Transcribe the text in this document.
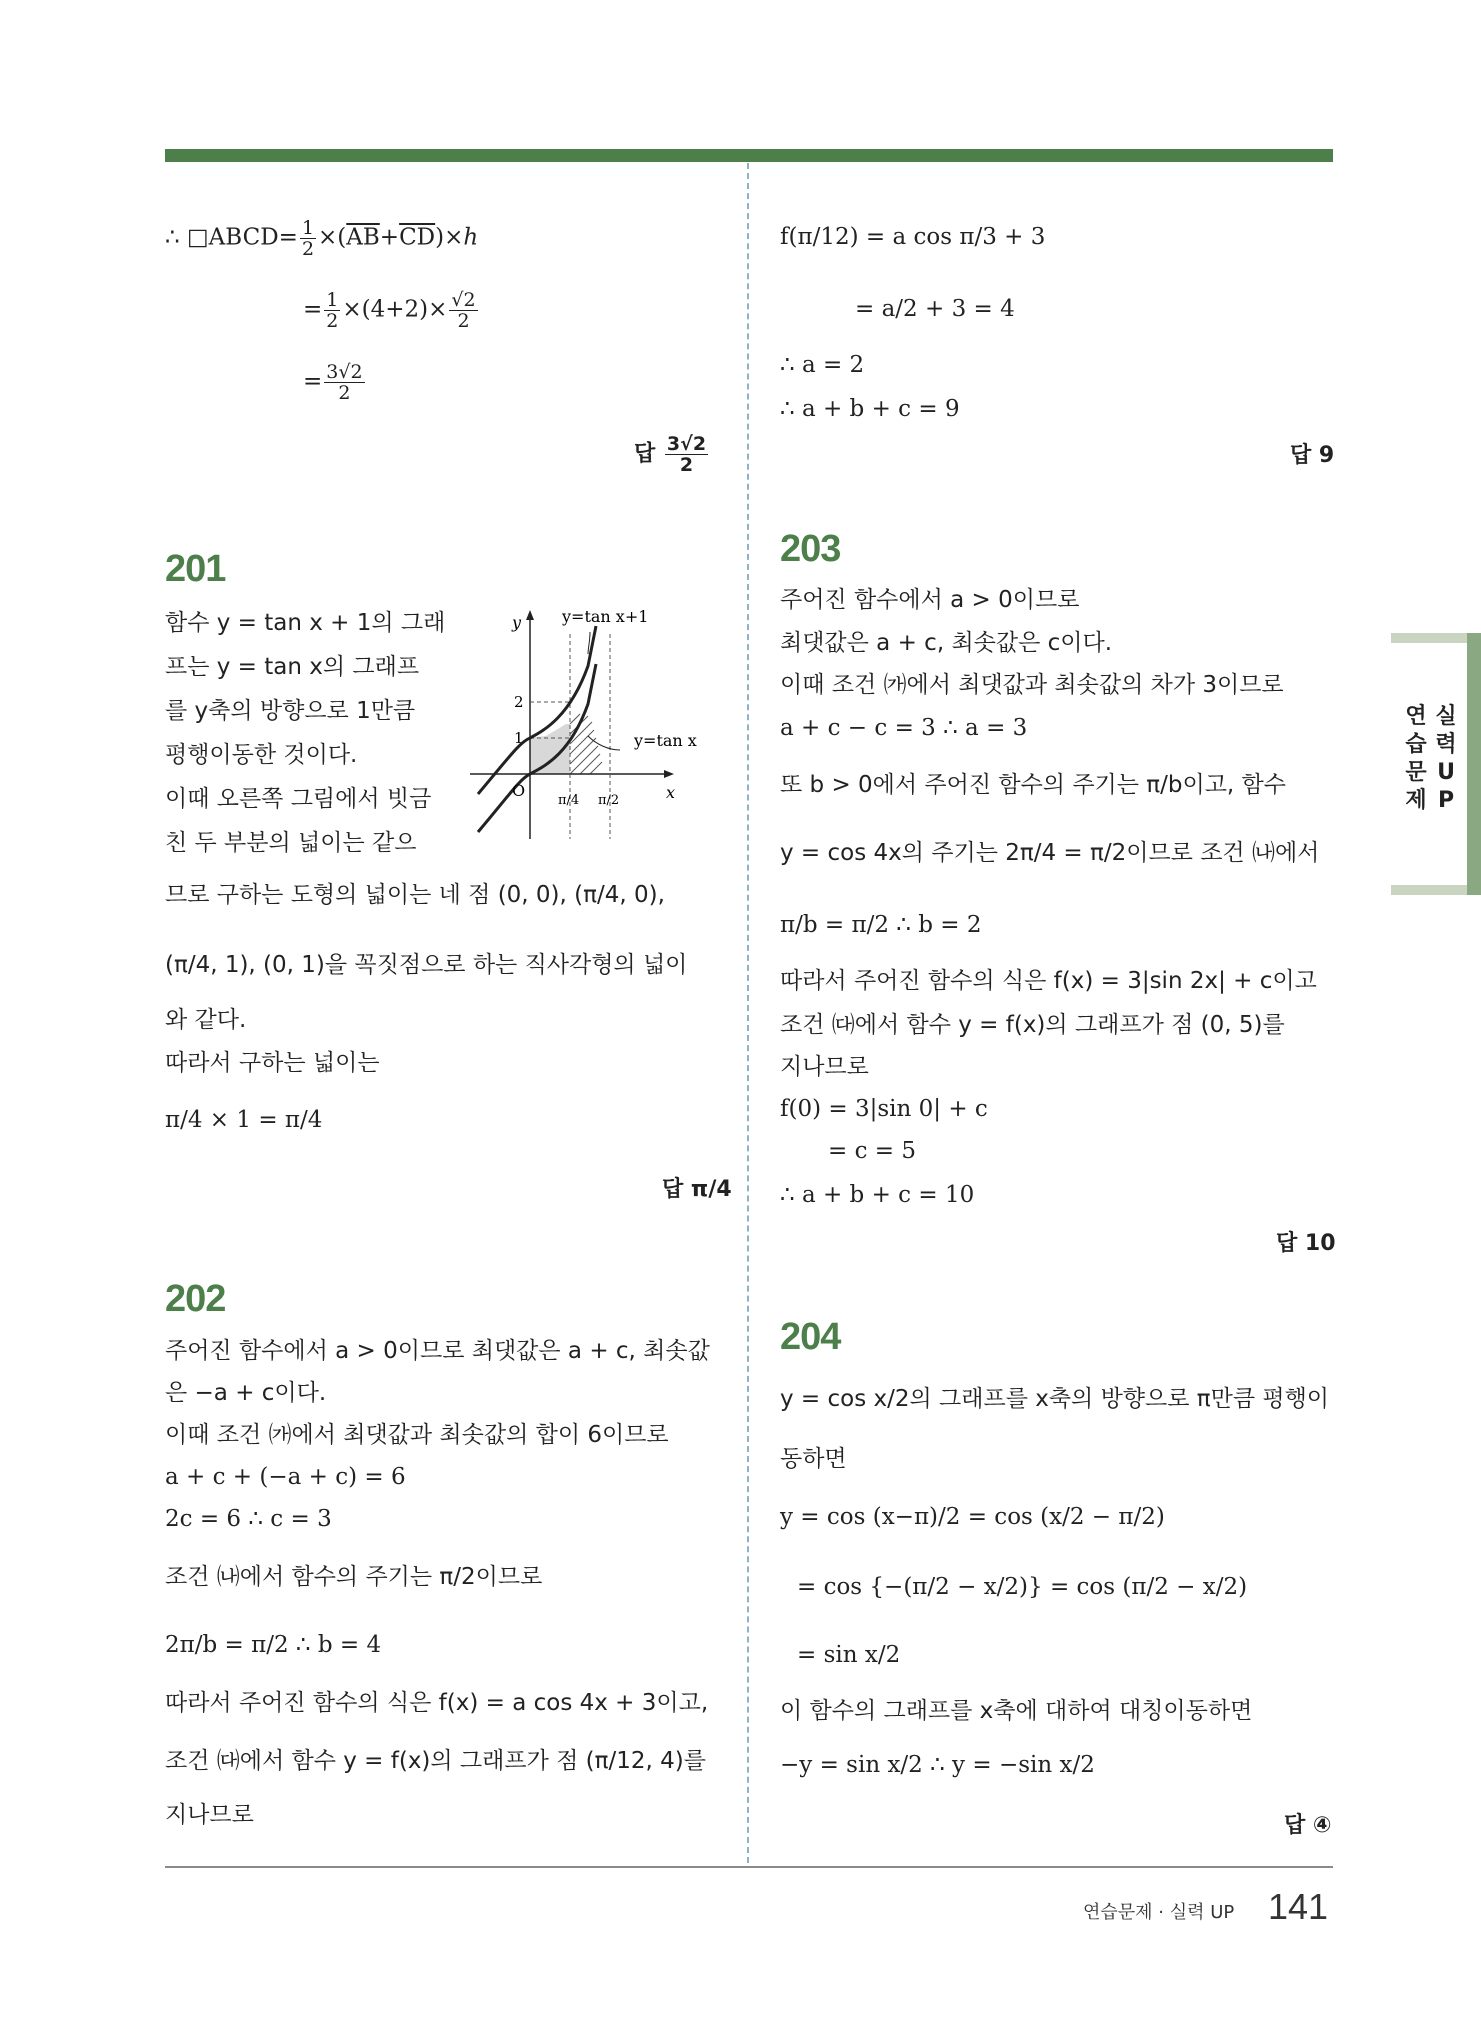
∴ □ABCD= $\frac{1}{2} \times(\overline{AB}+\overline{CD})\times h$
= $\frac{1}{2} \times(4+2)\times \frac{√2}{2}$
= $\frac{3√2}{2}$
답 $\frac{3√2}{2}$
201
함수 y = tan x + 1의 그래
프는 y = tan x의 그래프
를 y축의 방향으로 1만큼
평행이동한 것이다.
이때 오른쪽 그림에서 빗금
친 두 부분의 넓이는 같으
y
x
O
1
2
π/4 π/2
y=tan x+1
y=tan x
므로 구하는 도형의 넓이는 네 점 (0, 0), (π/4, 0),
(π/4, 1), (0, 1)을 꼭짓점으로 하는 직사각형의 넓이
와 같다.
따라서 구하는 넓이는
π/4 × 1 = π/4
답 π/4
202
주어진 함수에서 a > 0이므로 최댓값은 a + c, 최솟값
은 −a + c이다.
이때 조건 ㈎에서 최댓값과 최솟값의 합이 6이므로
a + c + (−a + c) = 6
2c = 6 ∴ c = 3
조건 ㈏에서 함수의 주기는 π/2이므로
2π/b = π/2 ∴ b = 4
따라서 주어진 함수의 식은 f(x) = a cos 4x + 3이고,
조건 ㈐에서 함수 y = f(x)의 그래프가 점 (π/12, 4)를
지나므로
f(π/12) = a cos π/3 + 3
= a/2 + 3 = 4
∴ a = 2
∴ a + b + c = 9
답 9
203
주어진 함수에서 a > 0이므로
최댓값은 a + c, 최솟값은 c이다.
이때 조건 ㈎에서 최댓값과 최솟값의 차가 3이므로
a + c − c = 3 ∴ a = 3
또 b > 0에서 주어진 함수의 주기는 π/b이고, 함수
y = cos 4x의 주기는 2π/4 = π/2이므로 조건 ㈏에서
π/b = π/2 ∴ b = 2
따라서 주어진 함수의 식은 f(x) = 3|sin 2x| + c이고
조건 ㈐에서 함수 y = f(x)의 그래프가 점 (0, 5)를
지나므로
f(0) = 3|sin 0| + c
= c = 5
∴ a + b + c = 10
답 10
204
y = cos x/2의 그래프를 x축의 방향으로 π만큼 평행이
동하면
y = cos (x−π)/2 = cos (x/2 − π/2)
= cos {−(π/2 − x/2)} = cos (π/2 − x/2)
= sin x/2
이 함수의 그래프를 x축에 대하여 대칭이동하면
−y = sin x/2 ∴ y = −sin x/2
답 ④
연
습
문
제
실
력
U
P
연습문제 · 실력 UP 141
